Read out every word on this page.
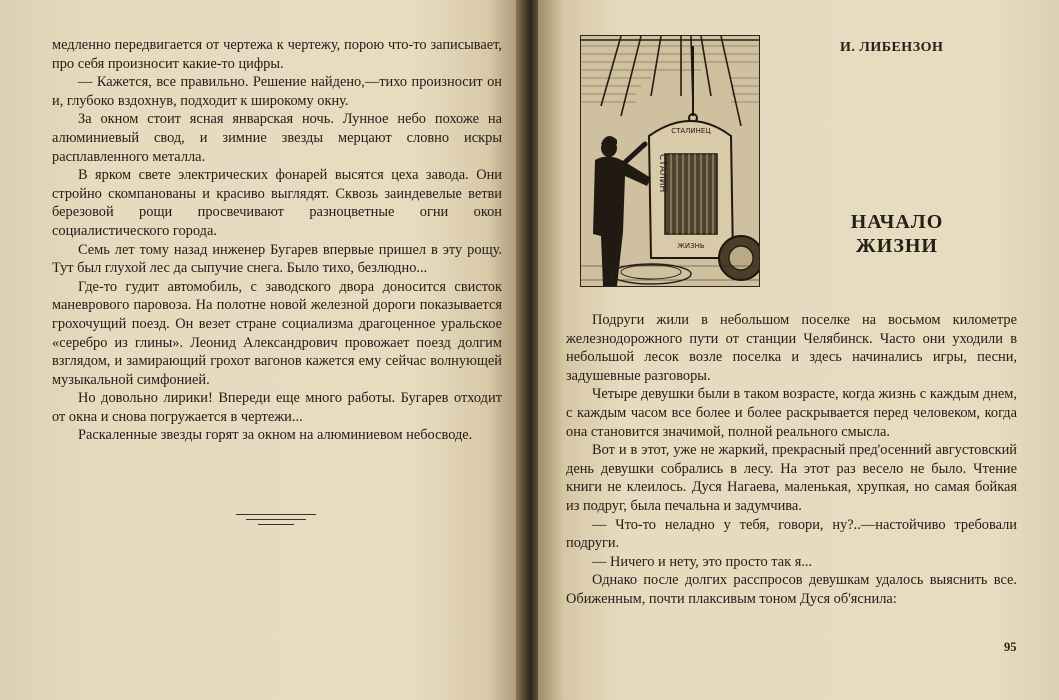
медленно передвигается от чертежа к чертежу, порою что-то записывает, про себя произносит какие-то цифры.

— Кажется, все правильно. Решение найдено,—тихо произносит он и, глубоко вздохнув, подходит к широкому окну.

За окном стоит ясная январская ночь. Лунное небо похоже на алюминиевый свод, и зимние звезды мерцают словно искры расплавленного металла.

В ярком свете электрических фонарей высятся цеха завода. Они стройно скомпанованы и красиво выглядят. Сквозь заиндевелые ветви березовой рощи просвечивают разноцветные огни окон социалистического города.

Семь лет тому назад инженер Бугарев впервые пришел в эту рощу. Тут был глухой лес да сыпучие снега. Было тихо, безлюдно...

Где-то гудит автомобиль, с заводского двора доносится свисток маневрового паровоза. На полотне новой железной дороги показывается грохочущий поезд. Он везет стране социализма драгоценное уральское «серебро из глины». Леонид Александрович провожает поезд долгим взглядом, и замирающий грохот вагонов кажется ему сейчас волнующей музыкальной симфонией.

Но довольно лирики! Впереди еще много работы. Бугарев отходит от окна и снова погружается в чертежи...

Раскаленные звезды горят за окном на алюминиевом небосводе.

СТАЛИНЕЦ
СТАЛИН
ЖИЗНЬ
И. ЛИБЕНЗОН
НАЧАЛО
ЖИЗНИ

Подруги жили в небольшом поселке на восьмом километре железнодорожного пути от станции Челябинск. Часто они уходили в небольшой лесок возле поселка и здесь начинались игры, песни, задушевные разговоры.

Четыре девушки были в таком возрасте, когда жизнь с каждым днем, с каждым часом все более и более раскрывается перед человеком, когда она становится значимой, полной реального смысла.

Вот и в этот, уже не жаркий, прекрасный пред'осенний августовский день девушки собрались в лесу. На этот раз весело не было. Чтение книги не клеилось. Дуся Нагаева, маленькая, хрупкая, но самая бойкая из подруг, была печальна и задумчива.

— Что-то неладно у тебя, говори, ну?..—настойчиво требовали подруги.

— Ничего и нету, это просто так я...

Однако после долгих расспросов девушкам удалось выяснить все. Обиженным, почти плаксивым тоном Дуся об'яснила:

95
